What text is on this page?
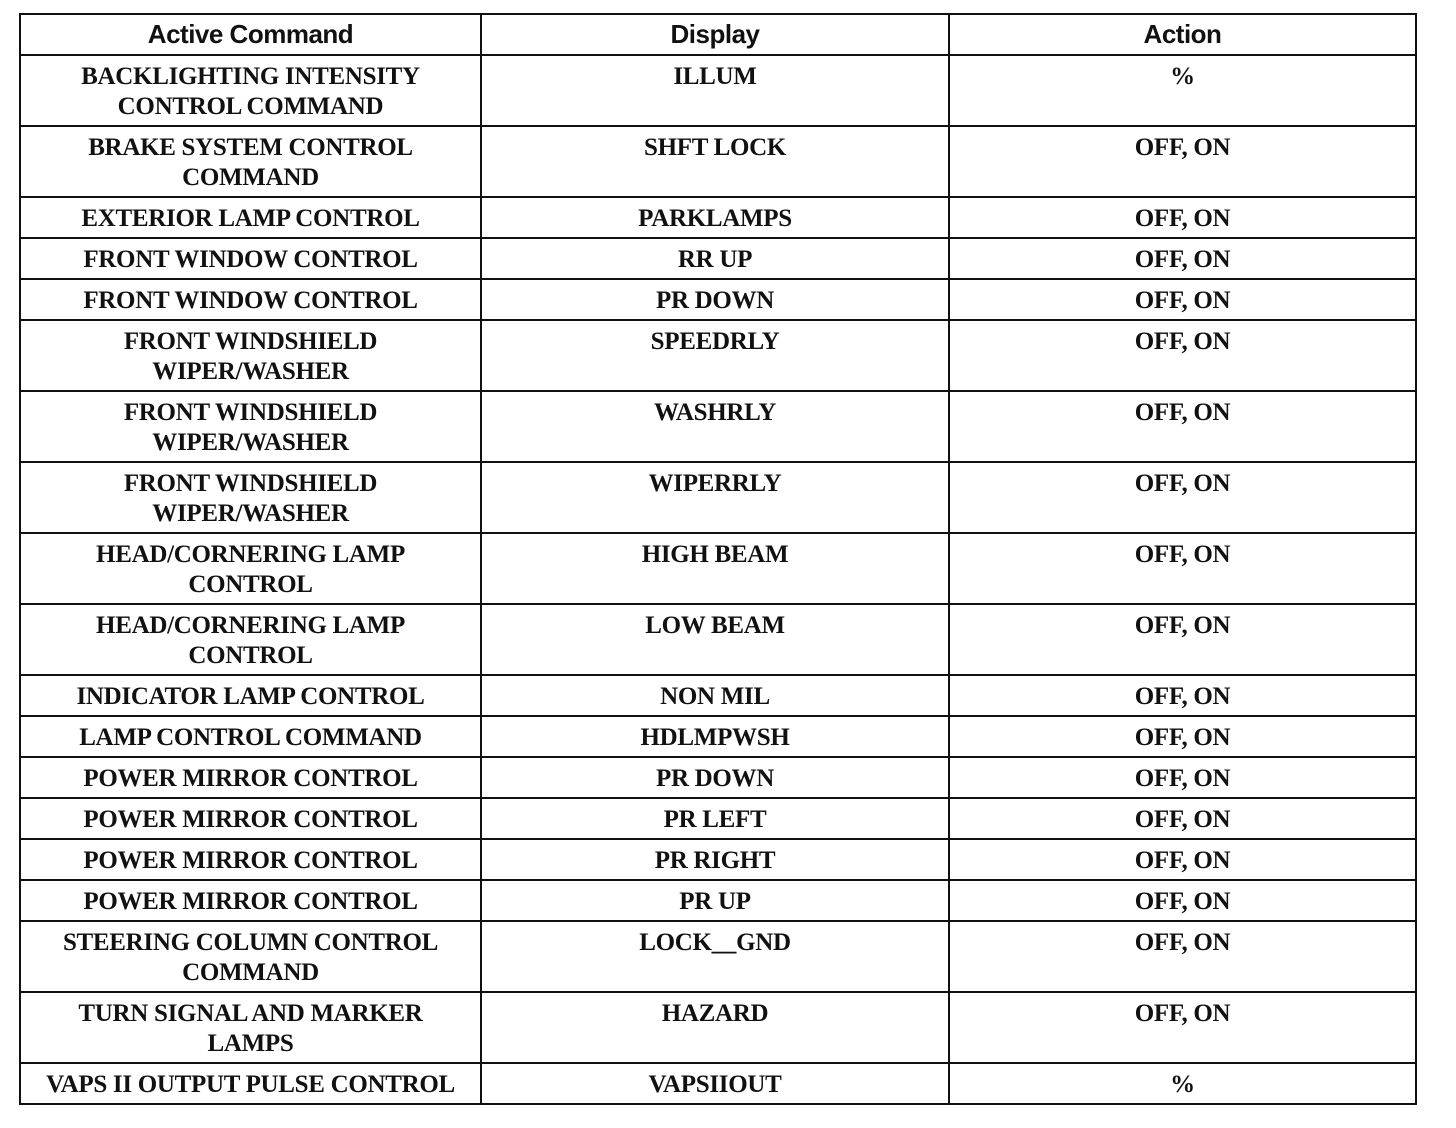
Active Command	Display	Action
BACKLIGHTING INTENSITY
CONTROL COMMAND	ILLUM	%
BRAKE SYSTEM CONTROL
COMMAND	SHFT LOCK	OFF, ON
EXTERIOR LAMP CONTROL	PARKLAMPS	OFF, ON
FRONT WINDOW CONTROL	RR UP	OFF, ON
FRONT WINDOW CONTROL	PR DOWN	OFF, ON
FRONT WINDSHIELD
WIPER/WASHER	SPEEDRLY	OFF, ON
FRONT WINDSHIELD
WIPER/WASHER	WASHRLY	OFF, ON
FRONT WINDSHIELD
WIPER/WASHER	WIPERRLY	OFF, ON
HEAD/CORNERING LAMP
CONTROL	HIGH BEAM	OFF, ON
HEAD/CORNERING LAMP
CONTROL	LOW BEAM	OFF, ON
INDICATOR LAMP CONTROL	NON MIL	OFF, ON
LAMP CONTROL COMMAND	HDLMPWSH	OFF, ON
POWER MIRROR CONTROL	PR DOWN	OFF, ON
POWER MIRROR CONTROL	PR LEFT	OFF, ON
POWER MIRROR CONTROL	PR RIGHT	OFF, ON
POWER MIRROR CONTROL	PR UP	OFF, ON
STEERING COLUMN CONTROL
COMMAND	LOCK__GND	OFF, ON
TURN SIGNAL AND MARKER
LAMPS	HAZARD	OFF, ON
VAPS II OUTPUT PULSE CONTROL	VAPSIIOUT	%
